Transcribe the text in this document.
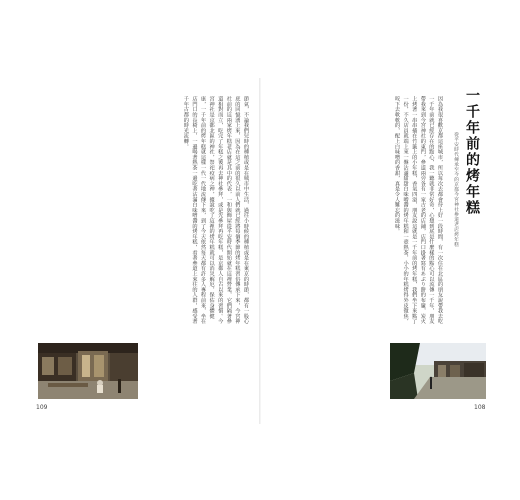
節氣，不論我們兒時的種植或是在城市中生活，過往小時候的種植或是在東京的時節，都有一股心底的回憶湧上來，因為在這之前的很久以前人們就已經將每個季節的烤年糕習俗傳承下來，今宮神社前的這兩家烤年糕老店就是其中的代表，一和與飾屋從平安時代開始就在這裡營業，它們隔著參道相對而立，吃完了年糕之後再去神社參拜，或是先參拜再吃年糕，是京都人自古以來的習慣。今宮神社是京都北區的神社，祭祀疫病之神，據說吃了這裡的烤年糕就可以消災解厄，保佑身體健康，一千年前的烤年糕就這樣一代一代地流傳下來，到了今天依然每天都有許多人專程前來，坐在店門口的長椅上，一邊喝著熱茶一邊吃著沾滿白味噌醬的烤年糕，看著參道上來往的人群，感受著千年古都的時光流轉。
109
一千年前的烤年糕
從平安時代傳承至今的京都今宮神社參道老店烤年糕
因為我很喜歡京都這座城市，所以每次去都會待上好一段時間，有一次住在北區的朋友說帶我去吃一千年前就已經存在的點心，我一聽就非常好奇，心想到底是什麼樣的點心可以流傳一千年，朋友帶我來到今宮神社的東門，參道兩旁各有一家古老的店鋪，店門口掛著寫有あぶり餅的布簾，炭火上烤著一串串插在竹籤上的小年糕，香氣四溢，朋友說這就是一千年前的烤年糕，我們坐下來點了一份，不久店員就端上來一盤沾滿甜甜白味噌醬的烤年糕和一壺熱茶，小小的年糕烤得外皮微焦，咬下去軟軟的，配上白味噌的香甜，真是令人難忘的滋味。
108
